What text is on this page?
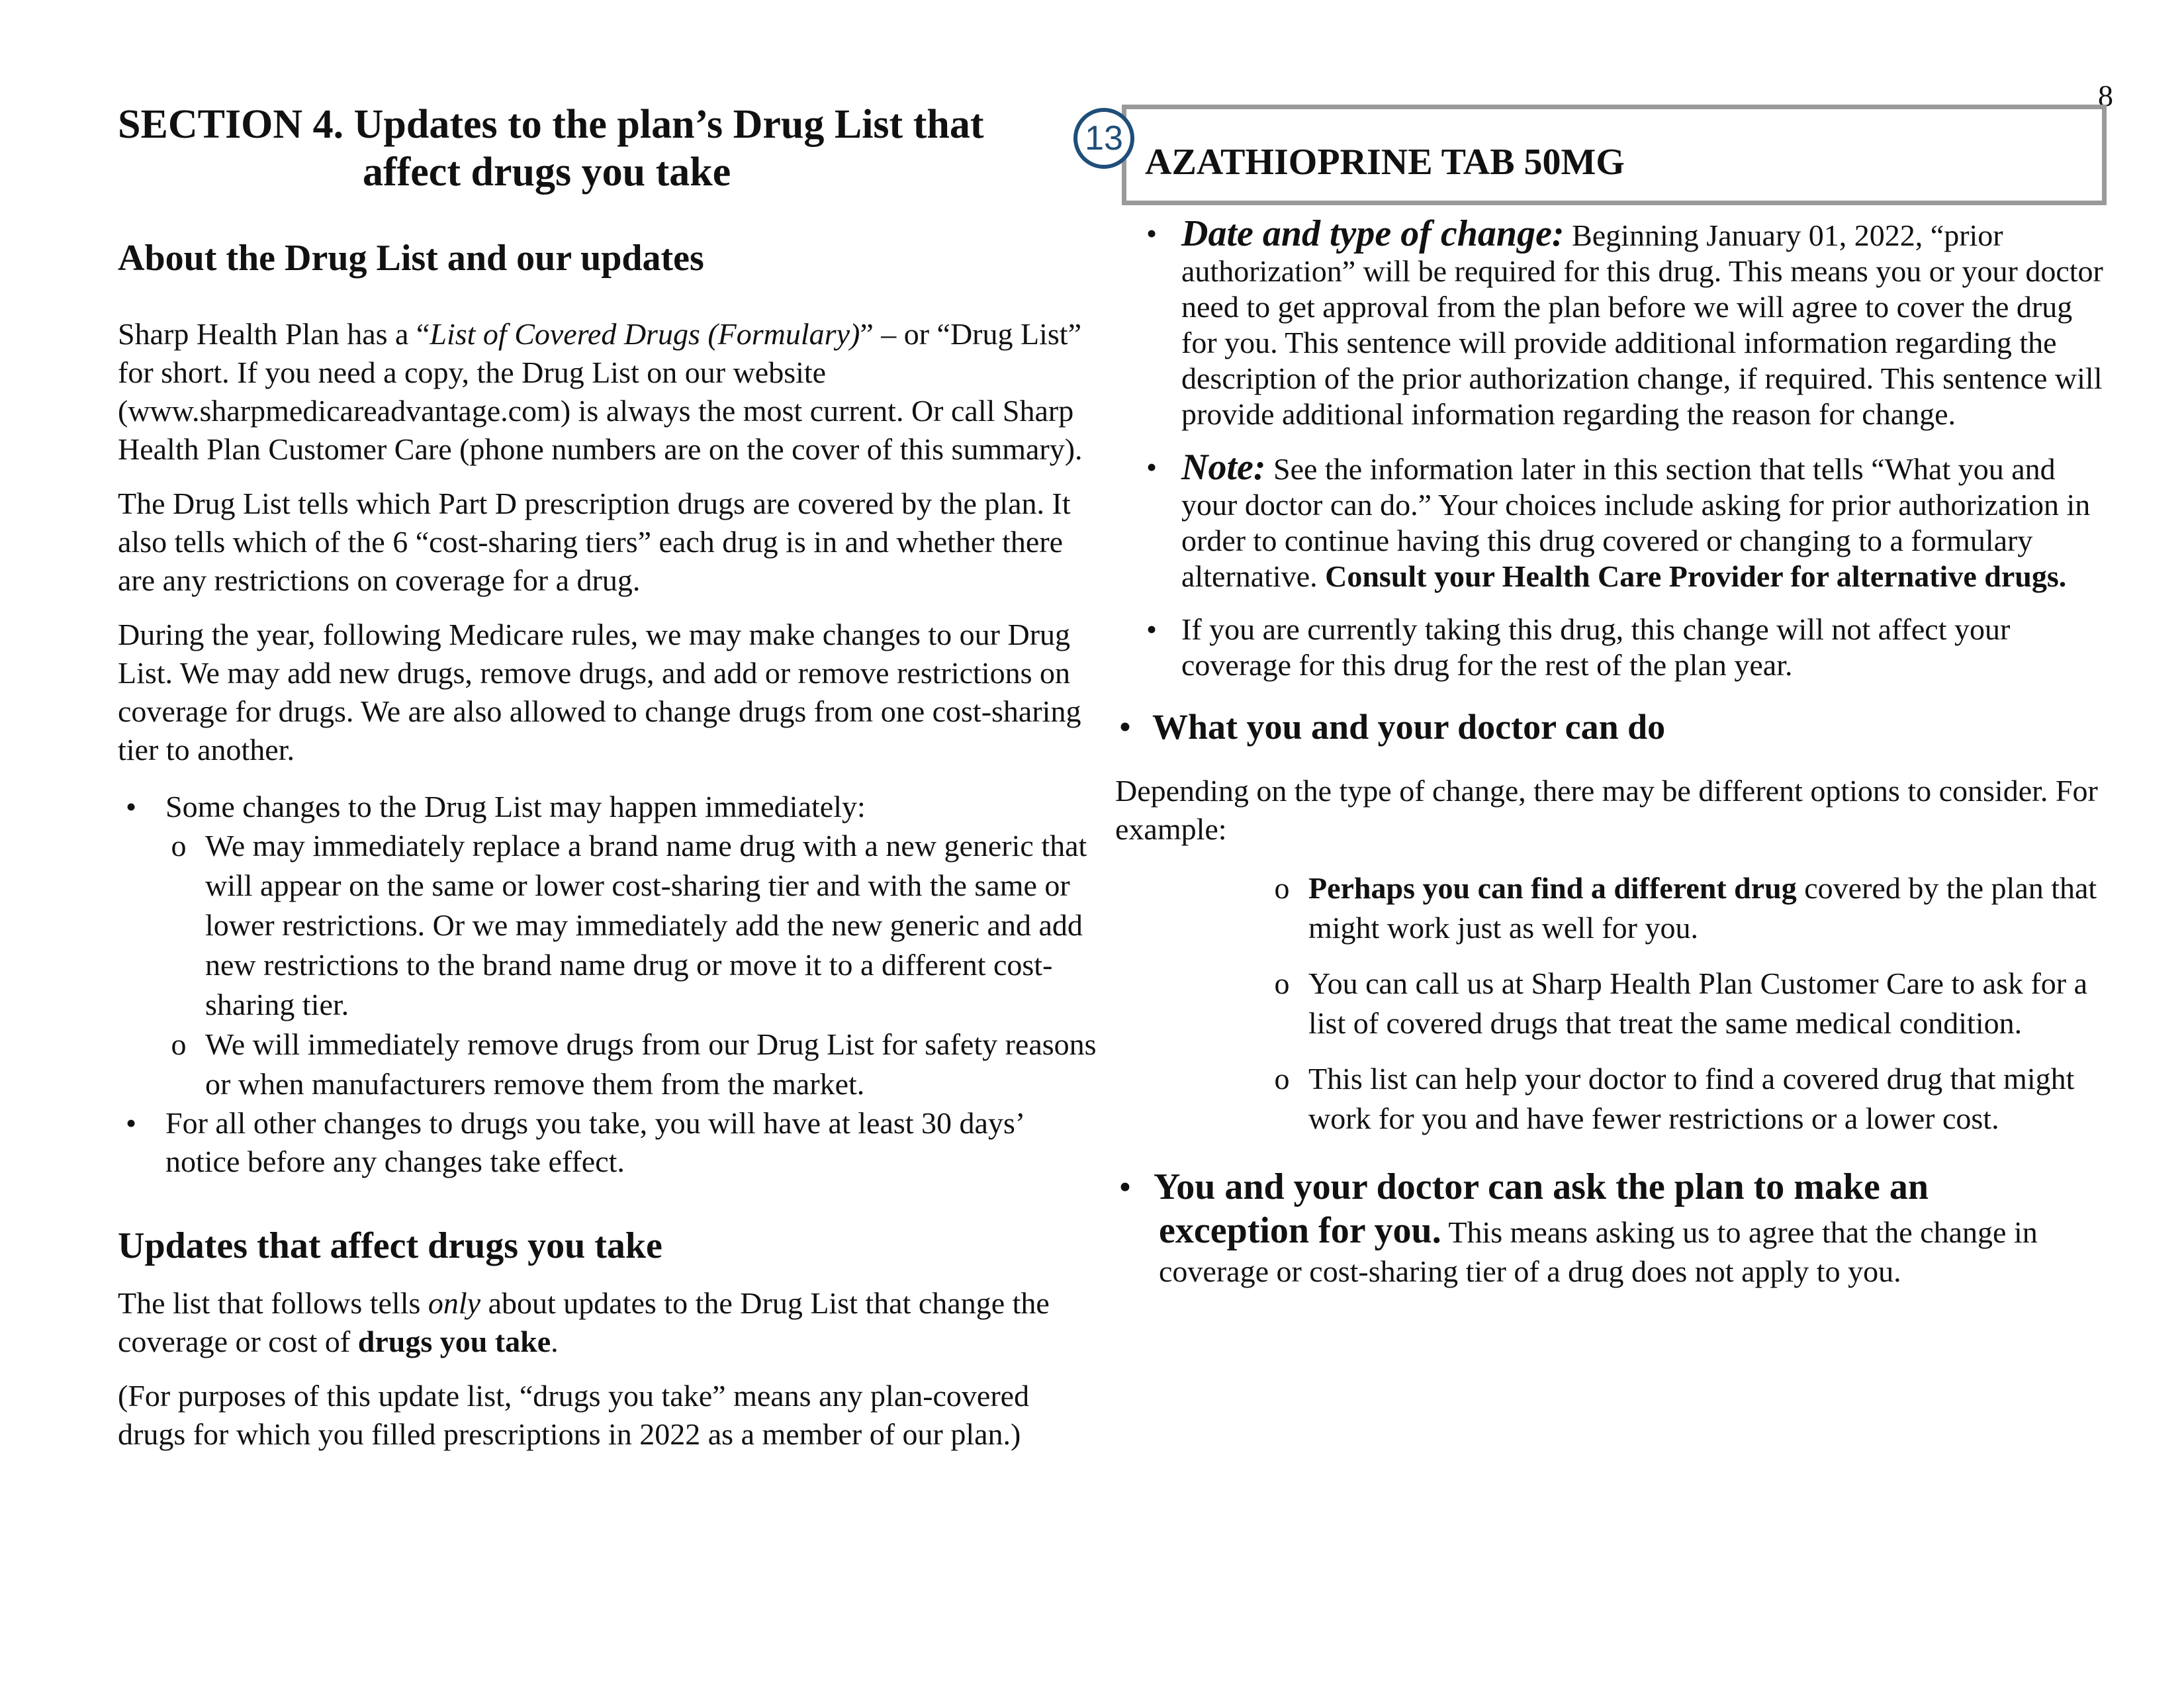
8
SECTION 4. Updates to the plan’s Drug List that
affect drugs you take
About the Drug List and our updates

Sharp Health Plan has a “List of Covered Drugs (Formulary)” – or “Drug List” for short. If you need a copy, the Drug List on our website (www.sharpmedicareadvantage.com) is always the most current. Or call Sharp Health Plan Customer Care (phone numbers are on the cover of this summary).

The Drug List tells which Part D prescription drugs are covered by the plan. It also tells which of the 6 “cost-sharing tiers” each drug is in and whether there are any restrictions on coverage for a drug.

During the year, following Medicare rules, we may make changes to our Drug List. We may add new drugs, remove drugs, and add or remove restrictions on coverage for drugs. We are also allowed to change drugs from one cost-sharing tier to another.

• Some changes to the Drug List may happen immediately:
o We may immediately replace a brand name drug with a new generic that will appear on the same or lower cost-sharing tier and with the same or lower restrictions. Or we may immediately add the new generic and add new restrictions to the brand name drug or move it to a different cost-sharing tier.
o We will immediately remove drugs from our Drug List for safety reasons or when manufacturers remove them from the market.
• For all other changes to drugs you take, you will have at least 30 days’ notice before any changes take effect.
Updates that affect drugs you take

The list that follows tells only about updates to the Drug List that change the coverage or cost of drugs you take.

(For purposes of this update list, “drugs you take” means any plan-covered drugs for which you filled prescriptions in 2022 as a member of our plan.)

13
AZATHIOPRINE TAB 50MG
• Date and type of change: Beginning January 01, 2022, “prior authorization” will be required for this drug. This means you or your doctor need to get approval from the plan before we will agree to cover the drug for you. This sentence will provide additional information regarding the description of the prior authorization change, if required. This sentence will provide additional information regarding the reason for change.
• Note: See the information later in this section that tells “What you and your doctor can do.” Your choices include asking for prior authorization in order to continue having this drug covered or changing to a formulary alternative. Consult your Health Care Provider for alternative drugs.
• If you are currently taking this drug, this change will not affect your coverage for this drug for the rest of the plan year.
• What you and your doctor can do

Depending on the type of change, there may be different options to consider. For example:

o Perhaps you can find a different drug covered by the plan that might work just as well for you.
o You can call us at Sharp Health Plan Customer Care to ask for a list of covered drugs that treat the same medical condition.
o This list can help your doctor to find a covered drug that might work for you and have fewer restrictions or a lower cost.
• You and your doctor can ask the plan to make an
exception for you. This means asking us to agree that the change in coverage or cost-sharing tier of a drug does not apply to you.
